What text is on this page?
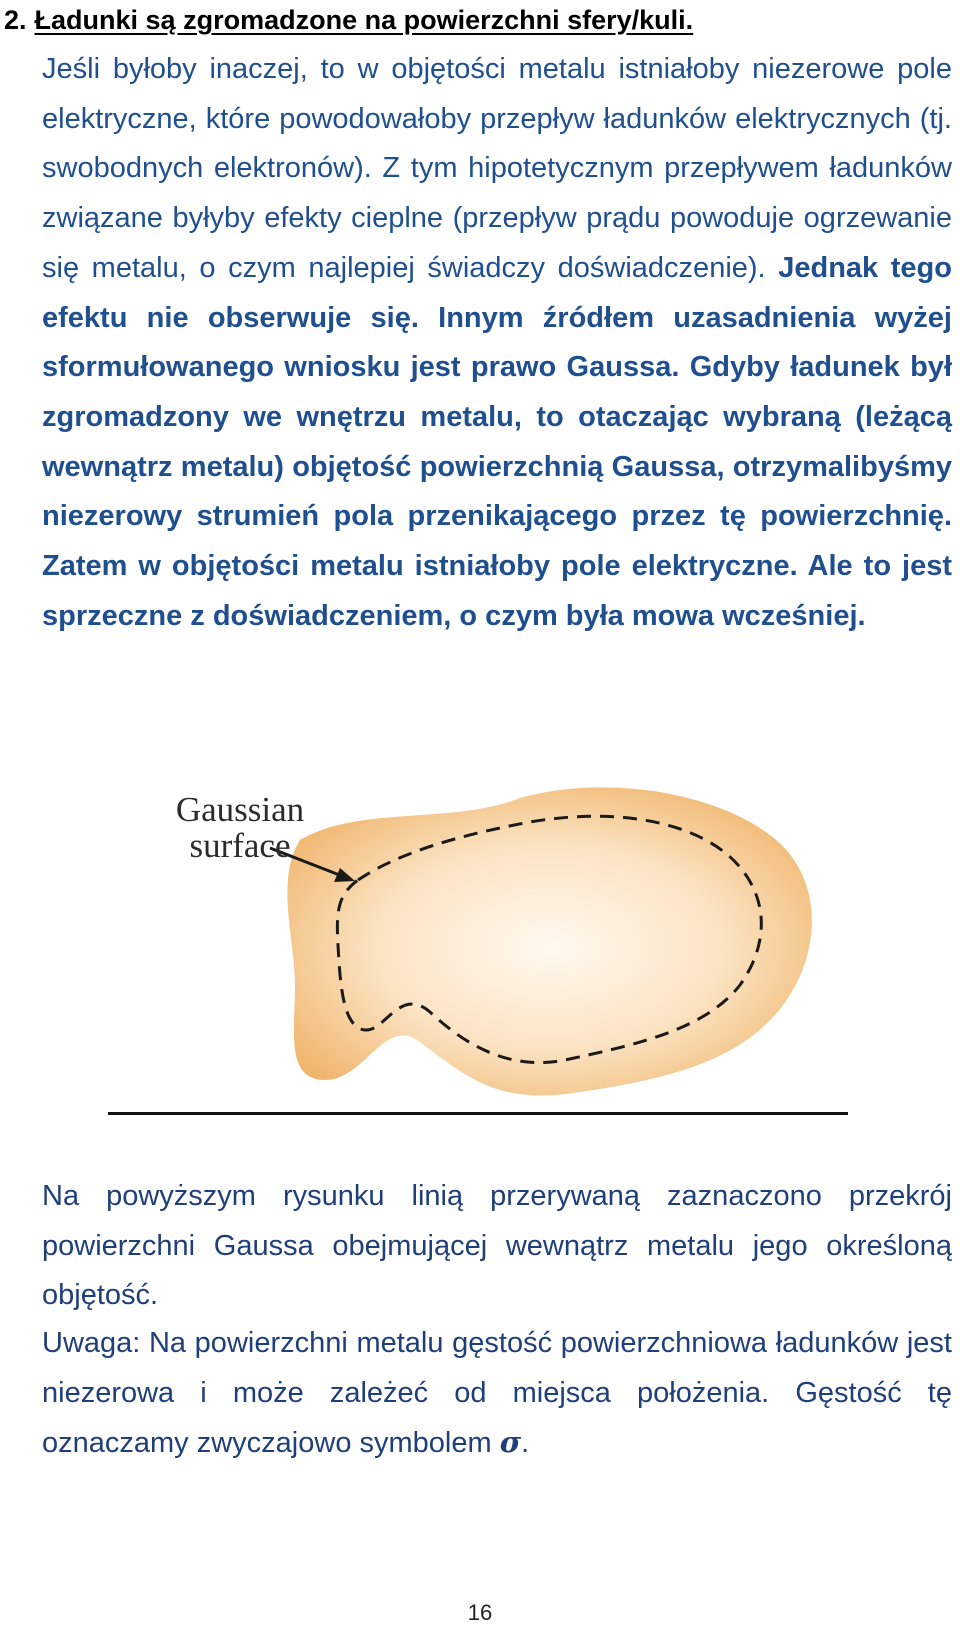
2. Ładunki są zgromadzone na powierzchni sfery/kuli.

Jeśli byłoby inaczej, to w objętości metalu istniałoby niezerowe pole elektryczne, które powodowałoby przepływ ładunków elektrycznych (tj. swobodnych elektronów). Z tym hipotetycznym przepływem ładunków związane byłyby efekty cieplne (przepływ prądu powoduje ogrzewanie się metalu, o czym najlepiej świadczy doświadczenie). Jednak tego efektu nie obserwuje się. Innym źródłem uzasadnienia wyżej sformułowanego wniosku jest prawo Gaussa. Gdyby ładunek był zgromadzony we wnętrzu metalu, to otaczając wybraną (leżącą wewnątrz metalu) objętość powierzchnią Gaussa, otrzymalibyśmy niezerowy strumień pola przenikającego przez tę powierzchnię. Zatem w objętości metalu istniałoby pole elektryczne. Ale to jest sprzeczne z doświadczeniem, o czym była mowa wcześniej.

Gaussian
surface

Na powyższym rysunku linią przerywaną zaznaczono przekrój powierzchni Gaussa obejmującej wewnątrz metalu jego określoną objętość.

Uwaga: Na powierzchni metalu gęstość powierzchniowa ładunków jest niezerowa i może zależeć od miejsca położenia. Gęstość tę oznaczamy zwyczajowo symbolem σ.

16
